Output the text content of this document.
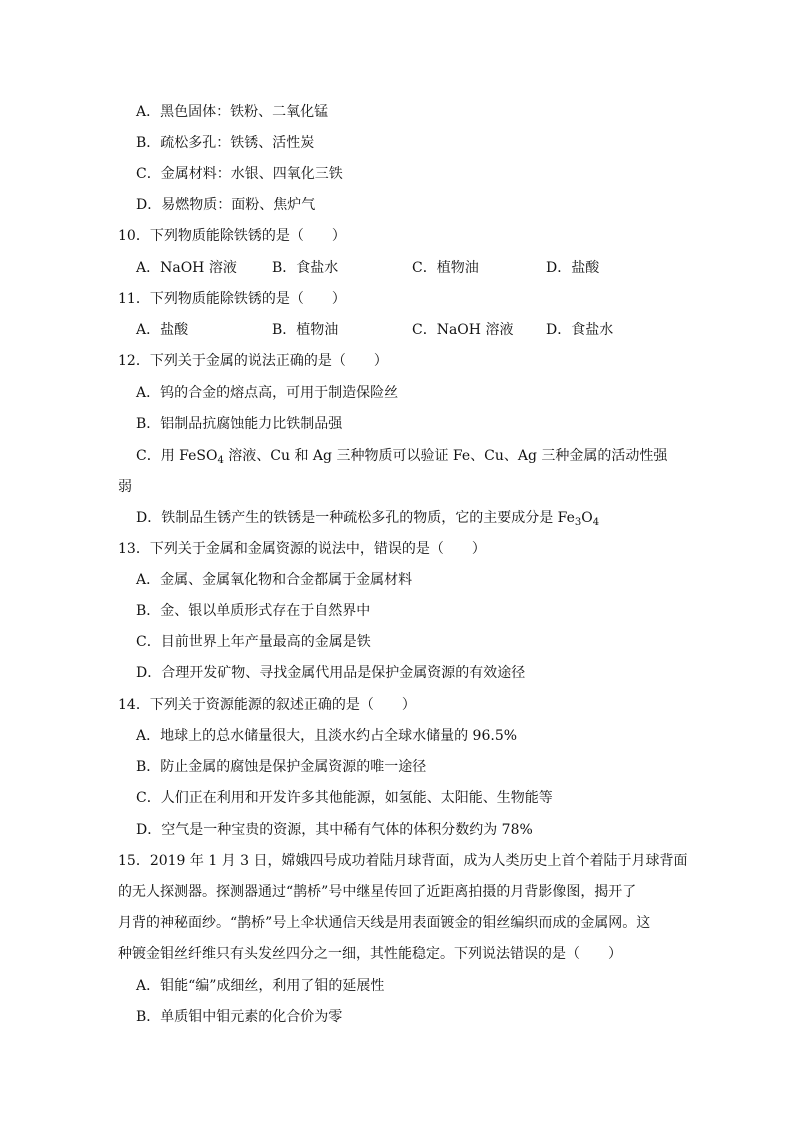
A．黑色固体：铁粉、二氧化锰
B．疏松多孔：铁锈、活性炭
C．金属材料：水银、四氧化三铁
D．易燃物质：面粉、焦炉气
10．下列物质能除铁锈的是（　　）
A．NaOH 溶液	B．食盐水	C．植物油	D．盐酸
11．下列物质能除铁锈的是（　　）
A．盐酸	B．植物油	C．NaOH 溶液 D．食盐水
12．下列关于金属的说法正确的是（　　）
A．钨的合金的熔点高，可用于制造保险丝
B．铝制品抗腐蚀能力比铁制品强
C．用 FeSO$_4$ 溶液、Cu 和 Ag 三种物质可以验证 Fe、Cu、Ag 三种金属的活动性强
弱
D．铁制品生锈产生的铁锈是一种疏松多孔的物质，它的主要成分是 $Fe_3O_4$
13．下列关于金属和金属资源的说法中，错误的是（　　）
A．金属、金属氧化物和合金都属于金属材料
B．金、银以单质形式存在于自然界中
C．目前世界上年产量最高的金属是铁
D．合理开发矿物、寻找金属代用品是保护金属资源的有效途径
14．下列关于资源能源的叙述正确的是（　　）
A．地球上的总水储量很大，且淡水约占全球水储量的 96.5%
B．防止金属的腐蚀是保护金属资源的唯一途径
C．人们正在利用和开发许多其他能源，如氢能、太阳能、生物能等
D．空气是一种宝贵的资源，其中稀有气体的体积分数约为 78%
15．2019 年 1 月 3 日，嫦娥四号成功着陆月球背面，成为人类历史上首个着陆于月球背面
的无人探测器。探测器通过“鹊桥”号中继星传回了近距离拍摄的月背影像图，揭开了
月背的神秘面纱。“鹊桥”号上伞状通信天线是用表面镀金的钼丝编织而成的金属网。这
种镀金钼丝纤维只有头发丝四分之一细，其性能稳定。下列说法错误的是（　　）
A．钼能“编”成细丝，利用了钼的延展性
B．单质钼中钼元素的化合价为零
